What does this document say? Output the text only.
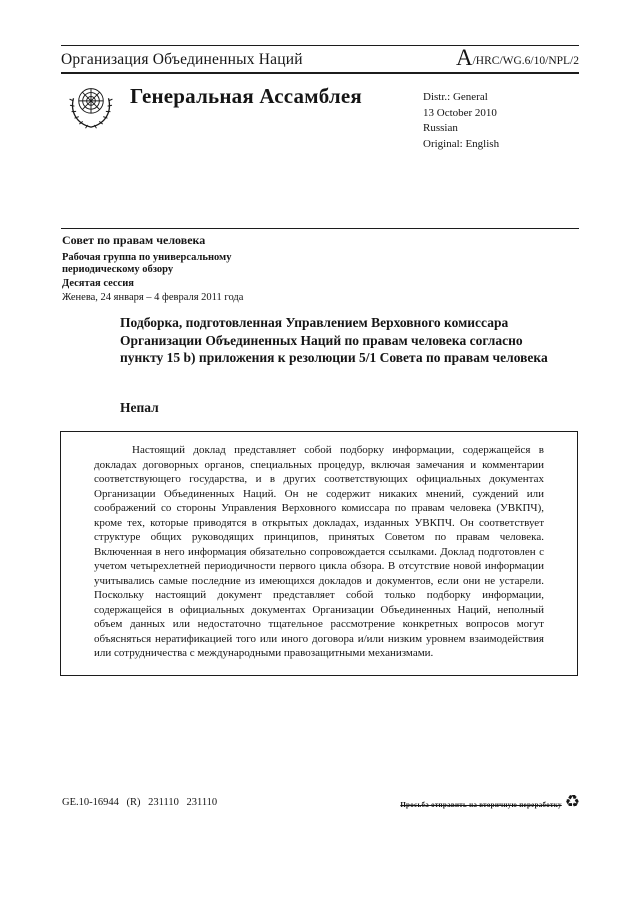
Организация Объединенных Наций	A/HRC/WG.6/10/NPL/2
Генеральная Ассамблея	Distr.: General
13 October 2010
Russian
Original: English
Совет по правам человека
Рабочая группа по универсальному
периодическому обзору
Десятая сессия
Женева, 24 января – 4 февраля 2011 года
Подборка, подготовленная Управлением Верховного комиссара Организации Объединенных Наций по правам человека согласно пункту 15 b) приложения к резолюции 5/1 Совета по правам человека
Непал
Настоящий доклад представляет собой подборку информации, содержащейся в докладах договорных органов, специальных процедур, включая замечания и комментарии соответствующего государства, и в других соответствующих официальных документах Организации Объединенных Наций. Он не содержит никаких мнений, суждений или соображений со стороны Управления Верховного комиссара по правам человека (УВКПЧ), кроме тех, которые приводятся в открытых докладах, изданных УВКПЧ. Он соответствует структуре общих руководящих принципов, принятых Советом по правам человека. Включенная в него информация обязательно сопровождается ссылками. Доклад подготовлен с учетом четырехлетней периодичности первого цикла обзора. В отсутствие новой информации учитывались самые последние из имеющихся докладов и документов, если они не устарели. Поскольку настоящий документ представляет собой только подборку информации, содержащейся в официальных документах Организации Объединенных Наций, неполный объем данных или недостаточно тщательное рассмотрение конкретных вопросов могут объясняться нератификацией того или иного договора и/или низким уровнем взаимодействия или сотрудничества с международными правозащитными механизмами.
GE.10-16944 (R) 231110 231110	Просьба отправить на вторичную переработку ♻
